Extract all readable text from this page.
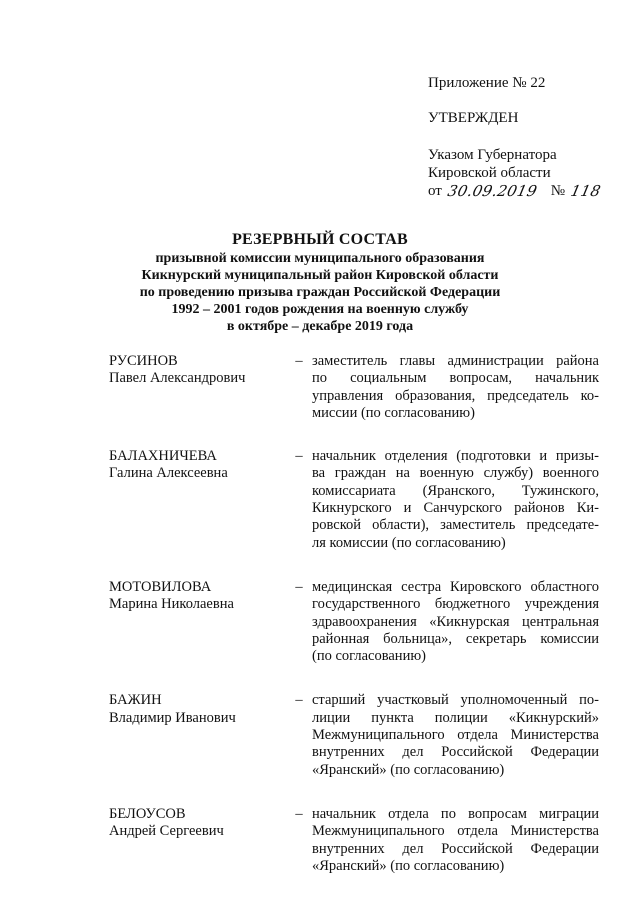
Приложение № 22
УТВЕРЖДЕН
Указом Губернатора
Кировской области
от 30.09.2019 № 118
РЕЗЕРВНЫЙ СОСТАВ
призывной комиссии муниципального образования
Кикнурский муниципальный район Кировской области
по проведению призыва граждан Российской Федерации
1992 – 2001 годов рождения на военную службу
в октябре – декабре 2019 года
РУСИНОВ
Павел Александрович
– заместитель главы администрации района
по социальным вопросам, начальник
управления образования, председатель ко-
миссии (по согласованию)
БАЛАХНИЧЕВА
Галина Алексеевна
– начальник отделения (подготовки и призы-
ва граждан на военную службу) военного
комиссариата (Яранского, Тужинского,
Кикнурского и Санчурского районов Ки-
ровской области), заместитель председате-
ля комиссии (по согласованию)
МОТОВИЛОВА
Марина Николаевна
– медицинская сестра Кировского областного
государственного бюджетного учреждения
здравоохранения «Кикнурская центральная
районная больница», секретарь комиссии
(по согласованию)
БАЖИН
Владимир Иванович
– старший участковый уполномоченный по-
лиции пункта полиции «Кикнурский»
Межмуниципального отдела Министерства
внутренних дел Российской Федерации
«Яранский» (по согласованию)
БЕЛОУСОВ
Андрей Сергеевич
– начальник отдела по вопросам миграции
Межмуниципального отдела Министерства
внутренних дел Российской Федерации
«Яранский» (по согласованию)
